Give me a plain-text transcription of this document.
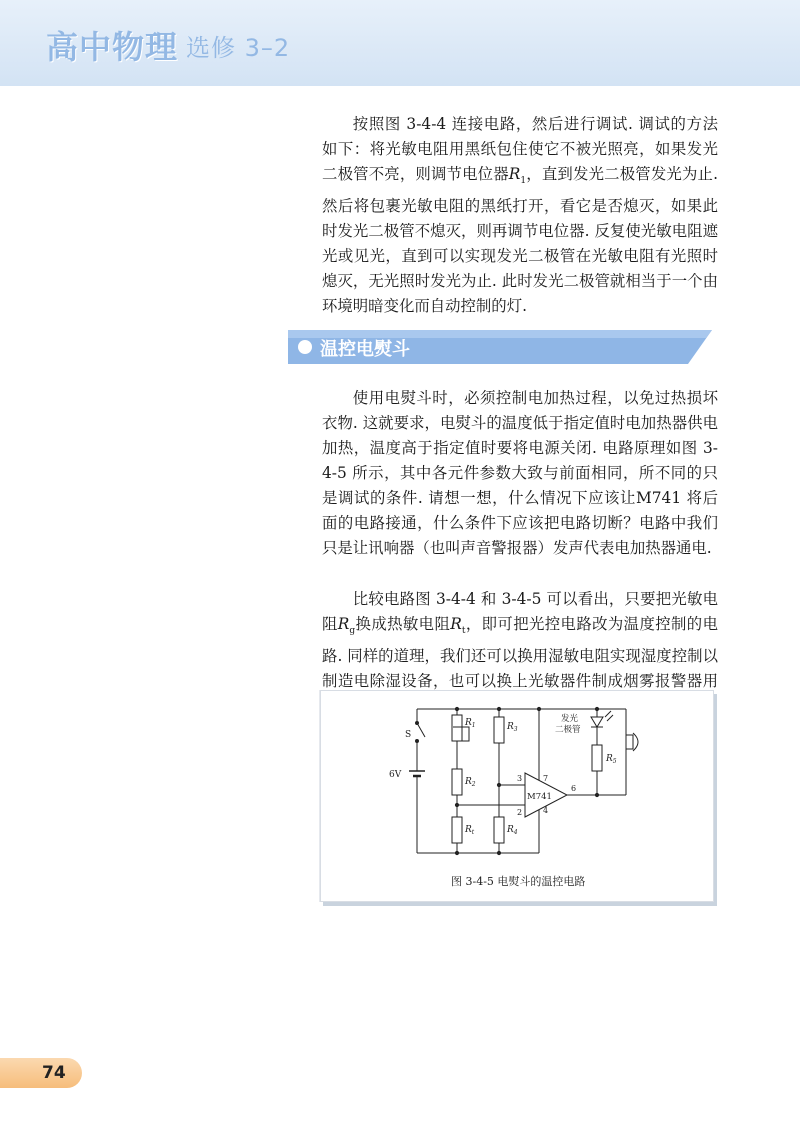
高中物理 选修 3–2

按照图 3-4-4 连接电路，然后进行调试. 调试的方法如下：将光敏电阻用黑纸包住使它不被光照亮，如果发光二极管不亮，则调节电位器$R_1$，直到发光二极管发光为止. 然后将包裹光敏电阻的黑纸打开，看它是否熄灭，如果此时发光二极管不熄灭，则再调节电位器. 反复使光敏电阻遮光或见光，直到可以实现发光二极管在光敏电阻有光照时熄灭，无光照时发光为止. 此时发光二极管就相当于一个由环境明暗变化而自动控制的灯.

温控电熨斗

使用电熨斗时，必须控制电加热过程，以免过热损坏衣物. 这就要求，电熨斗的温度低于指定值时电加热器供电加热，温度高于指定值时要将电源关闭. 电路原理如图 3-4-5 所示，其中各元件参数大致与前面相同，所不同的只是调试的条件. 请想一想，什么情况下应该让M741 将后面的电路接通，什么条件下应该把电路切断？电路中我们只是让讯响器（也叫声音警报器）发声代表电加热器通电.

比较电路图 3-4-4 和 3-4-5 可以看出，只要把光敏电阻$R_g$换成热敏电阻$R_t$，即可把光控电路改为温度控制的电路. 同样的道理，我们还可以换用湿敏电阻实现湿度控制以制造电除湿设备，也可以换上光敏器件制成烟雾报警器用

S
6V
$R_1$
$R_2$
$R_t$
$R_3$
$R_4$
$R_5$
M741
3
2
7
4
6
发光
二极管
图 3-4-5 电熨斗的温控电路
74
